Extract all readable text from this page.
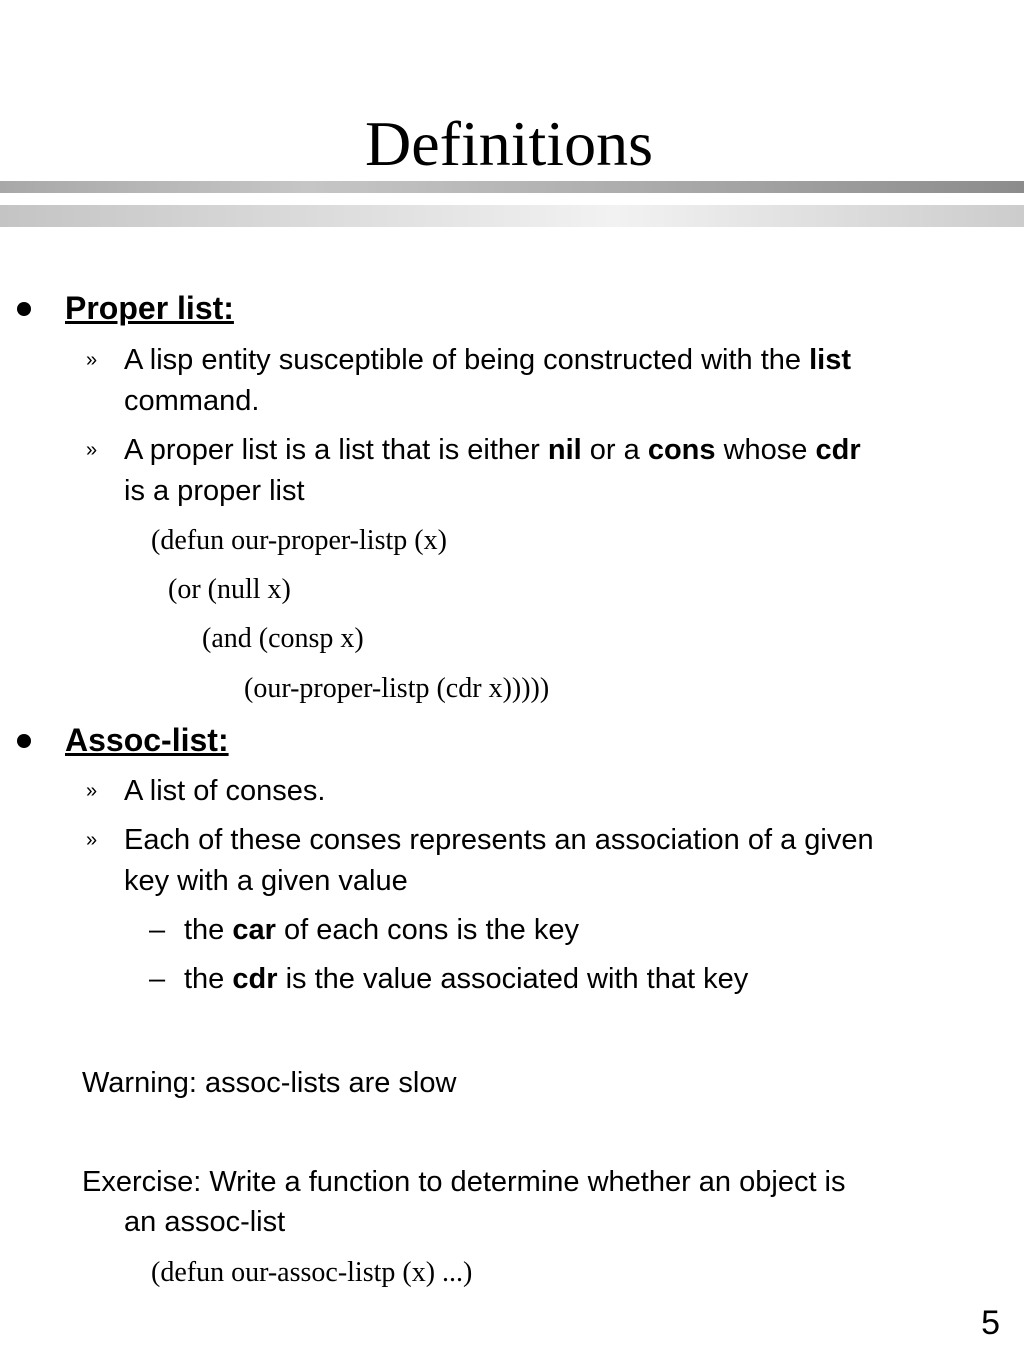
Definitions
Proper list:
» A lisp entity susceptible of being constructed with the list
command.
» A proper list is a list that is either nil or a cons whose cdr
is a proper list
(defun our-proper-listp (x)
(or (null x)
(and (consp x)
(our-proper-listp (cdr x)))))
Assoc-list:
» A list of conses.
» Each of these conses represents an association of a given
key with a given value
– the car of each cons is the key
– the cdr is the value associated with that key
Warning: assoc-lists are slow
Exercise: Write a function to determine whether an object is
an assoc-list
(defun our-assoc-listp (x) ...)
5
